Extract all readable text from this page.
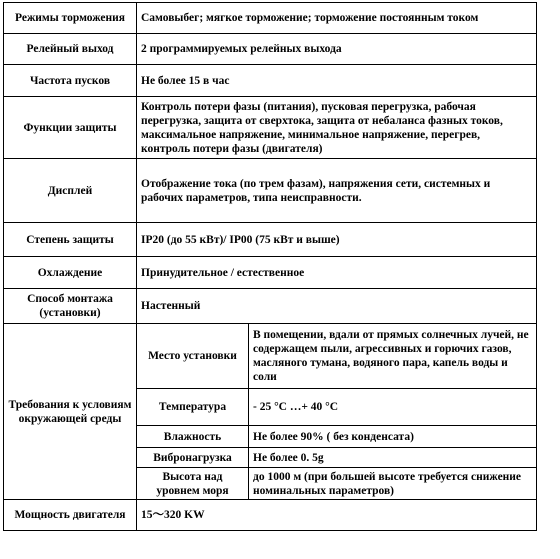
Режимы торможения	Самовыбег; мягкое торможение; торможение постоянным током	
Релейный выход	2 программируемых релейных выхода	
Частота пусков	Не более 15 в час	
Функции защиты	Контроль потери фазы (питания), пусковая перегрузка, рабочая перегрузка, защита от сверхтока, защита от небаланса фазных токов, максимальное напряжение, минимальное напряжение, перегрев, контроль потери фазы (двигателя)	
Дисплей	Отображение тока (по трем фазам), напряжения сети, системных и рабочих параметров, типа неисправности.	
Степень защиты	IP20 (до 55 кВт)/ IP00 (75 кВт и выше)	
Охлаждение	Принудительное / естественное	
Способ монтажа (установки)	Настенный	
Требования к условиям окружающей среды	Место установки	В помещении, вдали от прямых солнечных лучей, не содержащем пыли, агрессивных и горючих газов, масляного тумана, водяного пара, капель воды и соли
	Температура	- 25 °C …+ 40 °C
	Влажность	Не более 90% ( без конденсата)
	Вибронагрузка	Не более 0. 5g
	Высота над уровнем моря	до 1000 м (при большей высоте требуется снижение номинальных параметров)
Мощность двигателя	15～320 KW	
